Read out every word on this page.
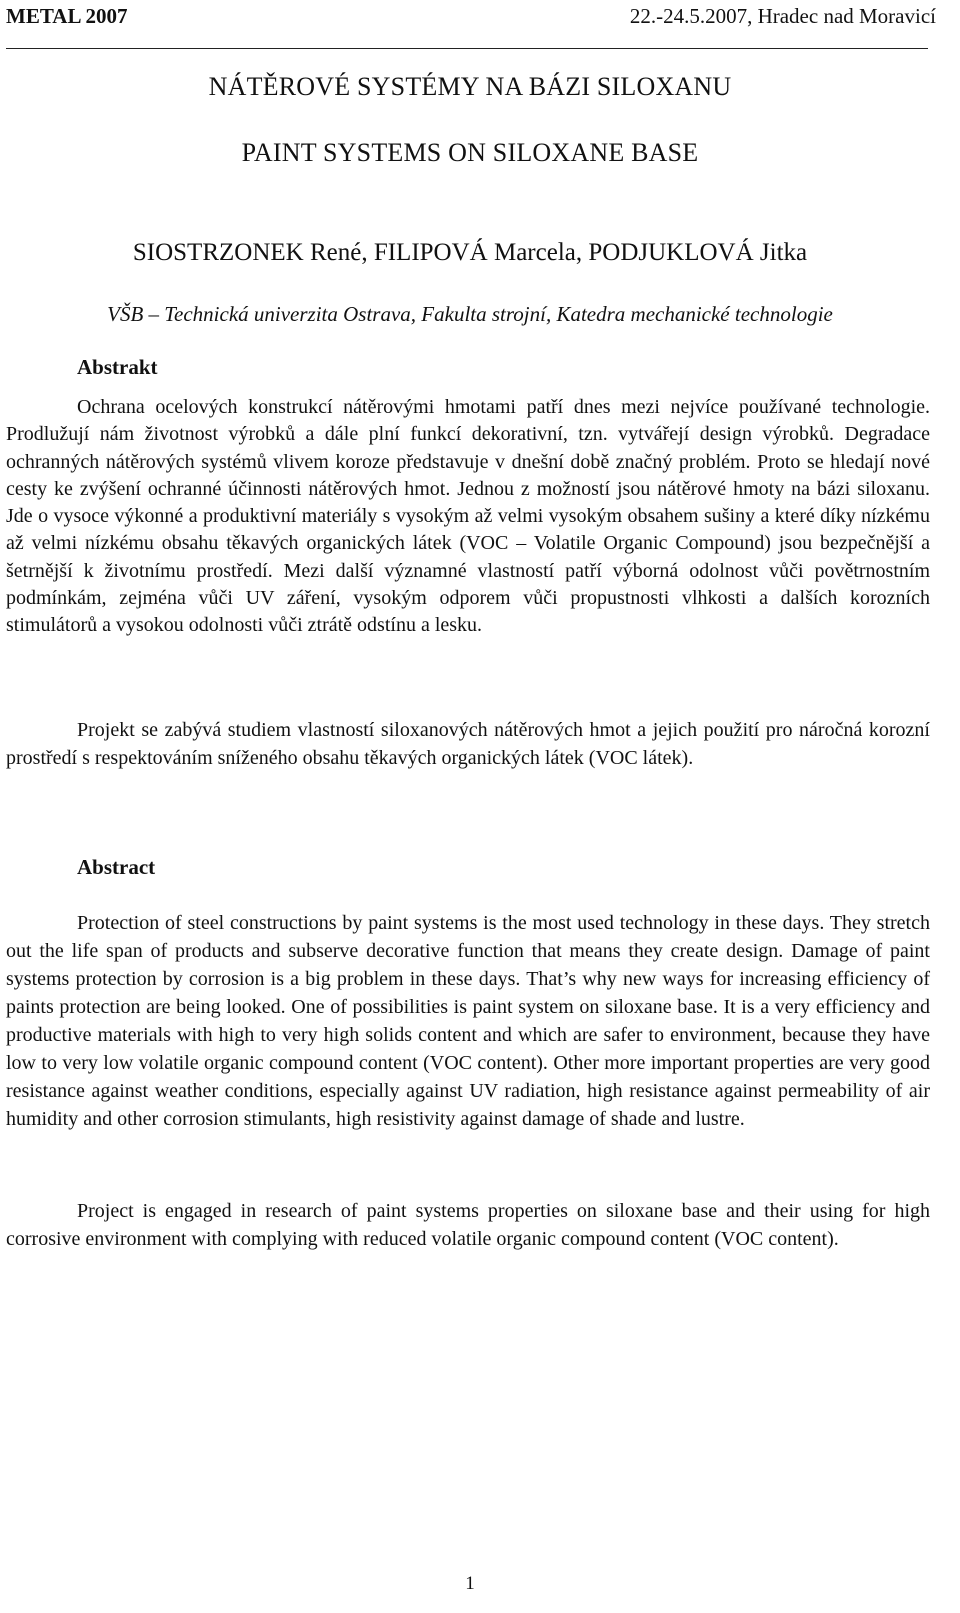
METAL 2007	22.-24.5.2007, Hradec nad Moravicí
NÁTĚROVÉ SYSTÉMY NA BÁZI SILOXANU
PAINT SYSTEMS ON SILOXANE BASE
SIOSTRZONEK René, FILIPOVÁ Marcela, PODJUKLOVÁ Jitka
VŠB – Technická univerzita Ostrava, Fakulta strojní, Katedra mechanické technologie
Abstrakt

Ochrana ocelových konstrukcí nátěrovými hmotami patří dnes mezi nejvíce používané technologie. Prodlužují nám životnost výrobků a dále plní funkcí dekorativní, tzn. vytvářejí design výrobků. Degradace ochranných nátěrových systémů vlivem koroze představuje v dnešní době značný problém. Proto se hledají nové cesty ke zvýšení ochranné účinnosti nátěrových hmot. Jednou z možností jsou nátěrové hmoty na bázi siloxanu. Jde o vysoce výkonné a produktivní materiály s vysokým až velmi vysokým obsahem sušiny a které díky nízkému až velmi nízkému obsahu těkavých organických látek (VOC – Volatile Organic Compound) jsou bezpečnější a šetrnější k životnímu prostředí. Mezi další významné vlastností patří výborná odolnost vůči povětrnostním podmínkám, zejména vůči UV záření, vysokým odporem vůči propustnosti vlhkosti a dalších korozních stimulátorů a vysokou odolnosti vůči ztrátě odstínu a lesku.

Projekt se zabývá studiem vlastností siloxanových nátěrových hmot a jejich použití pro náročná korozní prostředí s respektováním sníženého obsahu těkavých organických látek (VOC látek).

Abstract

Protection of steel constructions by paint systems is the most used technology in these days. They stretch out the life span of products and subserve decorative function that means they create design. Damage of paint systems protection by corrosion is a big problem in these days. That’s why new ways for increasing efficiency of paints protection are being looked. One of possibilities is paint system on siloxane base. It is a very efficiency and productive materials with high to very high solids content and which are safer to environment, because they have low to very low volatile organic compound content (VOC content). Other more important properties are very good resistance against weather conditions, especially against UV radiation, high resistance against permeability of air humidity and other corrosion stimulants, high resistivity against damage of shade and lustre.

Project is engaged in research of paint systems properties on siloxane base and their using for high corrosive environment with complying with reduced volatile organic compound content (VOC content).

1
